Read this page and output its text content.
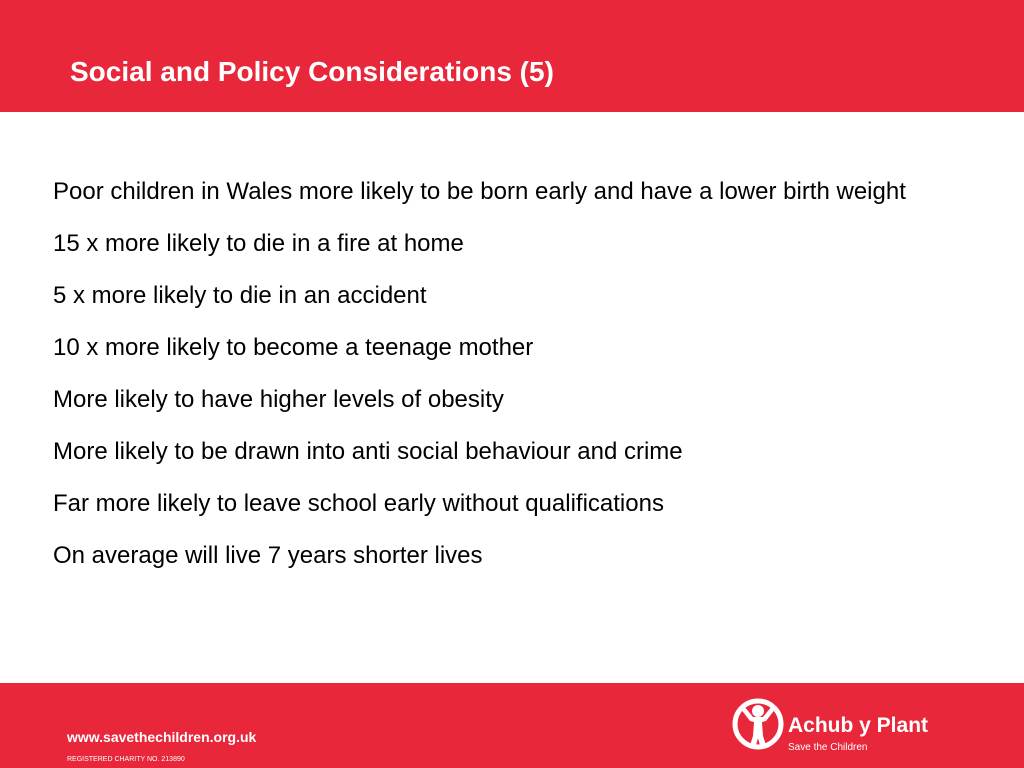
Social and Policy Considerations (5)
Poor children in Wales more likely to be born early and have a lower birth weight
15 x more likely to die in a fire at home
5 x more likely to die in an accident
10 x more likely to become a teenage mother
More likely to have higher levels of obesity
More likely to be drawn into anti social behaviour and crime
Far more likely to leave school early without qualifications
On average will live 7 years shorter lives
www.savethechildren.org.uk
REGISTERED CHARITY NO. 213890
Achub y Plant
Save the Children
